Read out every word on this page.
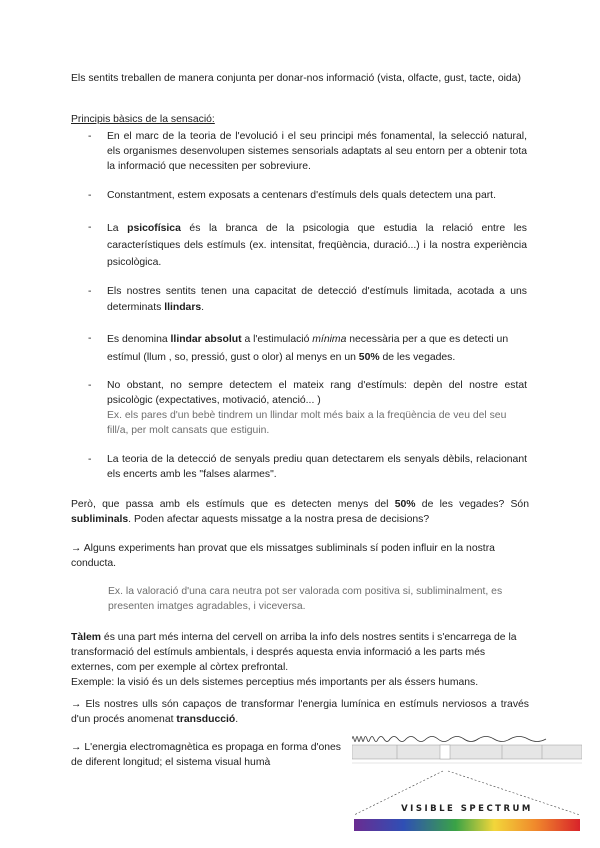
Els sentits treballen de manera conjunta per donar-nos informació (vista, olfacte, gust, tacte, oida)

Principis bàsics de la sensació:

-	En el marc de la teoria de l'evolució i el seu principi més fonamental, la selecció natural, els organismes desenvolupen sistemes sensorials adaptats al seu entorn per a obtenir tota la informació que necessiten per sobreviure.

-	Constantment, estem exposats a centenars d'estímuls dels quals detectem una part.

-	La psicofísica és la branca de la psicologia que estudia la relació entre les característiques dels estímuls (ex. intensitat, freqüència, duració...) i la nostra experiència psicològica.

-	Els nostres sentits tenen una capacitat de detecció d'estímuls limitada, acotada a uns determinats llindars.

-	Es denomina llindar absolut a l'estimulació mínima necessària per a que es detecti un estímul (llum , so, pressió, gust o olor) al menys en un 50% de les vegades.

-	No obstant, no sempre detectem el mateix rang d'estímuls: depèn del nostre estat psicològic (expectatives, motivació, atenció... )

Ex. els pares d'un bebè tindrem un llindar molt més baix a la freqüència de veu del seu fill/a, per molt cansats que estiguin.

-	La teoria de la detecció de senyals prediu quan detectarem els senyals dèbils, relacionant els encerts amb les "falses alarmes".

Però, que passa amb els estímuls que es detecten menys del 50% de les vegades? Són subliminals. Poden afectar aquests missatge a la nostra presa de decisions?

→ Alguns experiments han provat que els missatges subliminals sí poden influir en la nostra conducta.

Ex. la valoració d'una cara neutra pot ser valorada com positiva si, subliminalment, es presenten imatges agradables, i viceversa.

Tàlem és una part més interna del cervell on arriba la info dels nostres sentits i s'encarrega de la transformació del estímuls ambientals, i després aquesta envia informació a les parts més externes, com per exemple al còrtex prefrontal.
Exemple: la visió és un dels sistemes perceptius més importants per als éssers humans.

→ Els nostres ulls són capaços de transformar l'energia lumínica en estímuls nerviosos a través d'un procés anomenat transducció.

→ L'energia electromagnètica es propaga en forma d'ones de diferent longitud; el sistema visual humà

VISIBLE SPECTRUM
